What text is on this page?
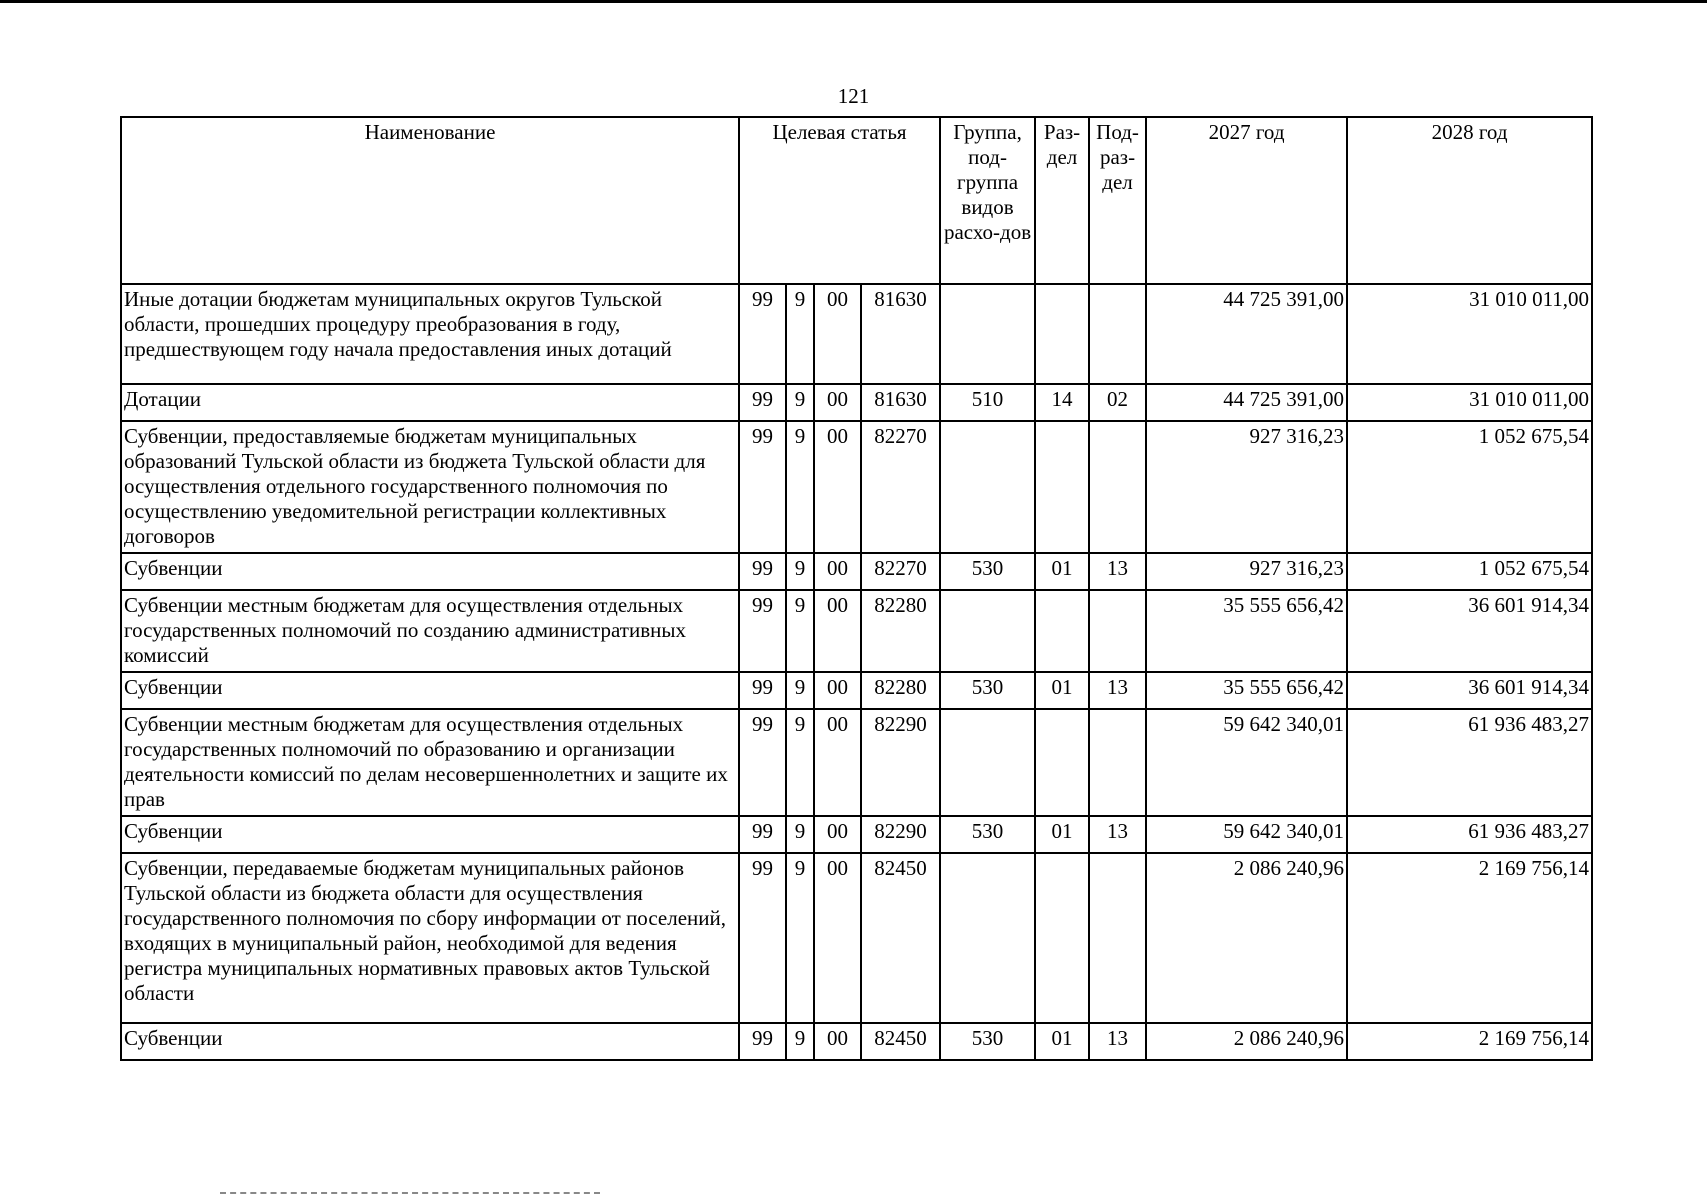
121
Наименование	Целевая статья				Группа, под-группа видов расхо-дов	Раз-дел	Под-раз-дел	2027 год	2028 год
Иные дотации бюджетам муниципальных округов Тульской области, прошедших процедуру преобразования в году, предшествующем году начала предоставления иных дотаций	99	9	00	81630				44 725 391,00	31 010 011,00
Дотации	99	9	00	81630	510	14	02	44 725 391,00	31 010 011,00
Субвенции, предоставляемые бюджетам муниципальных образований Тульской области из бюджета Тульской области для осуществления отдельного государственного полномочия по осуществлению уведомительной регистрации коллективных договоров	99	9	00	82270				927 316,23	1 052 675,54
Субвенции	99	9	00	82270	530	01	13	927 316,23	1 052 675,54
Субвенции местным бюджетам для осуществления отдельных государственных полномочий по созданию административных комиссий	99	9	00	82280				35 555 656,42	36 601 914,34
Субвенции	99	9	00	82280	530	01	13	35 555 656,42	36 601 914,34
Субвенции местным бюджетам для осуществления отдельных государственных полномочий по образованию и организации деятельности комиссий по делам несовершеннолетних и защите их прав	99	9	00	82290				59 642 340,01	61 936 483,27
Субвенции	99	9	00	82290	530	01	13	59 642 340,01	61 936 483,27
Субвенции, передаваемые бюджетам муниципальных районов Тульской области из бюджета области для осуществления государственного полномочия по сбору информации от поселений, входящих в муниципальный район, необходимой для ведения регистра муниципальных нормативных правовых актов Тульской области	99	9	00	82450				2 086 240,96	2 169 756,14
Субвенции	99	9	00	82450	530	01	13	2 086 240,96	2 169 756,14
